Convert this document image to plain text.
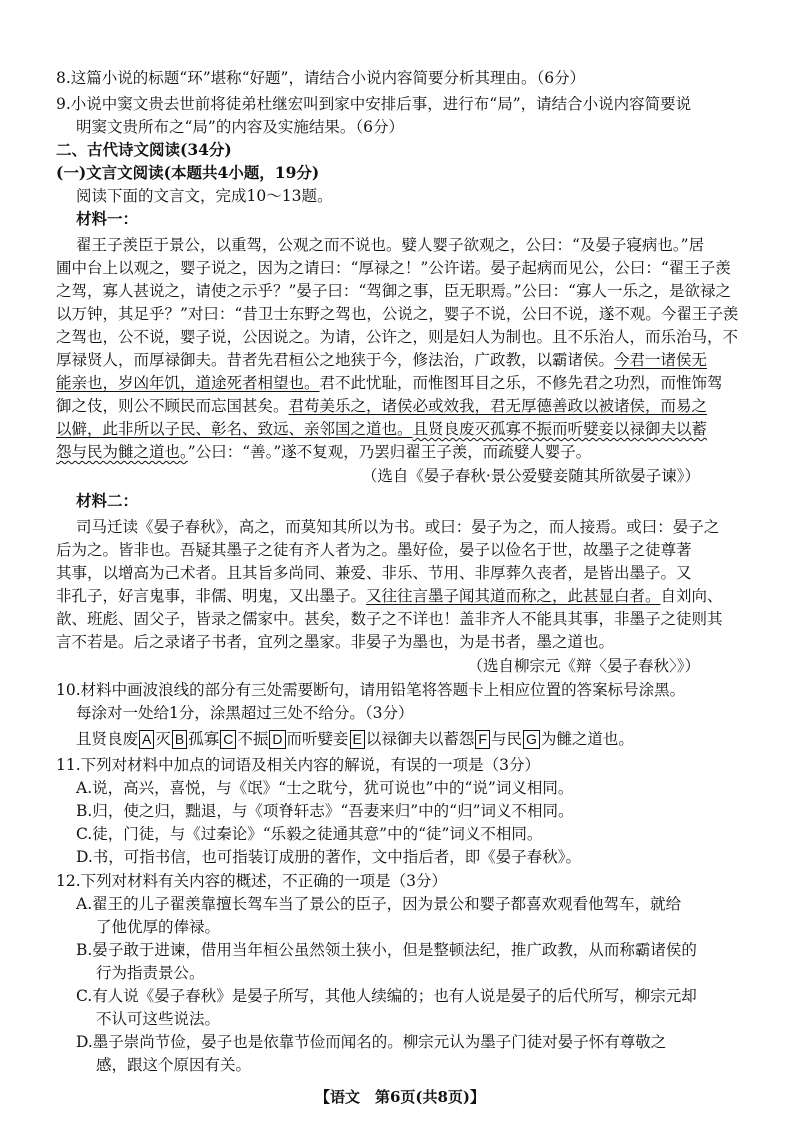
8.这篇小说的标题“环”堪称“好题”，请结合小说内容简要分析其理由。（6分）
9.小说中窦文贵去世前将徒弟杜继宏叫到家中安排后事，进行布“局”，请结合小说内容简要说
明窦文贵所布之“局”的内容及实施结果。（6分）
二、古代诗文阅读(34分)
(一)文言文阅读(本题共4小题，19分)
阅读下面的文言文，完成10～13题。
材料一：
翟王子羡臣于景公，以重驾，公观之而不说也。嬖人婴子欲观之，公曰：“及晏子寝病也。”居
圃中台上以观之，婴子说之，因为之请曰：“厚禄之！”公许诺。晏子起病而见公，公曰：“翟王子羡
之驾，寡人甚说之，请使之示乎？”晏子曰：“驾御之事，臣无职焉。”公曰：“寡人一乐之，是欲禄之
以万钟，其足乎？”对曰：“昔卫士东野之驾也，公说之，婴子不说，公曰不说，遂不观。今翟王子羡
之驾也，公不说，婴子说，公因说之。为请，公许之，则是妇人为制也。且不乐治人，而乐治马，不
厚禄贤人，而厚禄御夫。昔者先君桓公之地狭于今，修法治，广政教，以霸诸侯。今君一诸侯无
能亲也，岁凶年饥，道途死者相望也。君不此忧耻，而惟图耳目之乐，不修先君之功烈，而惟饰驾
御之伎，则公不顾民而忘国甚矣。君苟美乐之，诸侯必或效我，君无厚德善政以被诸侯，而易之
以僻，此非所以子民、彰名、致远、亲邻国之道也。且贤良废灭孤寡不振而听嬖妾以禄御夫以蓄
怨与民为雠之道也。”公曰：“善。”遂不复观，乃罢归翟王子羡，而疏嬖人婴子。
（选自《晏子春秋·景公爱嬖妾随其所欲晏子谏》）
材料二：
司马迁读《晏子春秋》，高之，而莫知其所以为书。或曰：晏子为之，而人接焉。或曰：晏子之
后为之。皆非也。吾疑其墨子之徒有齐人者为之。墨好俭，晏子以俭名于世，故墨子之徒尊著
其事，以增高为己术者。且其旨多尚同、兼爱、非乐、节用、非厚葬久丧者，是皆出墨子。又
非孔子，好言鬼事，非儒、明鬼，又出墨子。又往往言墨子闻其道而称之，此甚显白者。自刘向、
歆、班彪、固父子，皆录之儒家中。甚矣，数子之不详也！盖非齐人不能具其事，非墨子之徒则其
言不若是。后之录诸子书者，宜列之墨家。非晏子为墨也，为是书者，墨之道也。
（选自柳宗元《辩〈晏子春秋〉》）
10.材料中画波浪线的部分有三处需要断句，请用铅笔将答题卡上相应位置的答案标号涂黑。
每涂对一处给1分，涂黑超过三处不给分。（3分）
且贤良废 A 灭 B 孤寡 C 不振 D 而听嬖妾 E 以禄御夫以蓄怨 F 与民 G 为雠之道也。
11.下列对材料中加点的词语及相关内容的解说，有误的一项是（3分）
A.说，高兴，喜悦，与《氓》“士之耽兮，犹可说也”中的“说”词义相同。
B.归，使之归，黜退，与《项脊轩志》“吾妻来归”中的“归”词义不相同。
C.徒，门徒，与《过秦论》“乐毅之徒通其意”中的“徒”词义不相同。
D.书，可指书信，也可指装订成册的著作，文中指后者，即《晏子春秋》。
12.下列对材料有关内容的概述，不正确的一项是（3分）
A.翟王的儿子翟羡靠擅长驾车当了景公的臣子，因为景公和婴子都喜欢观看他驾车，就给
了他优厚的俸禄。
B.晏子敢于进谏，借用当年桓公虽然领土狭小，但是整顿法纪，推广政教，从而称霸诸侯的
行为指责景公。
C.有人说《晏子春秋》是晏子所写，其他人续编的；也有人说是晏子的后代所写，柳宗元却
不认可这些说法。
D.墨子崇尚节俭，晏子也是依靠节俭而闻名的。柳宗元认为墨子门徒对晏子怀有尊敬之
感，跟这个原因有关。
【语文　第6页(共8页)】
